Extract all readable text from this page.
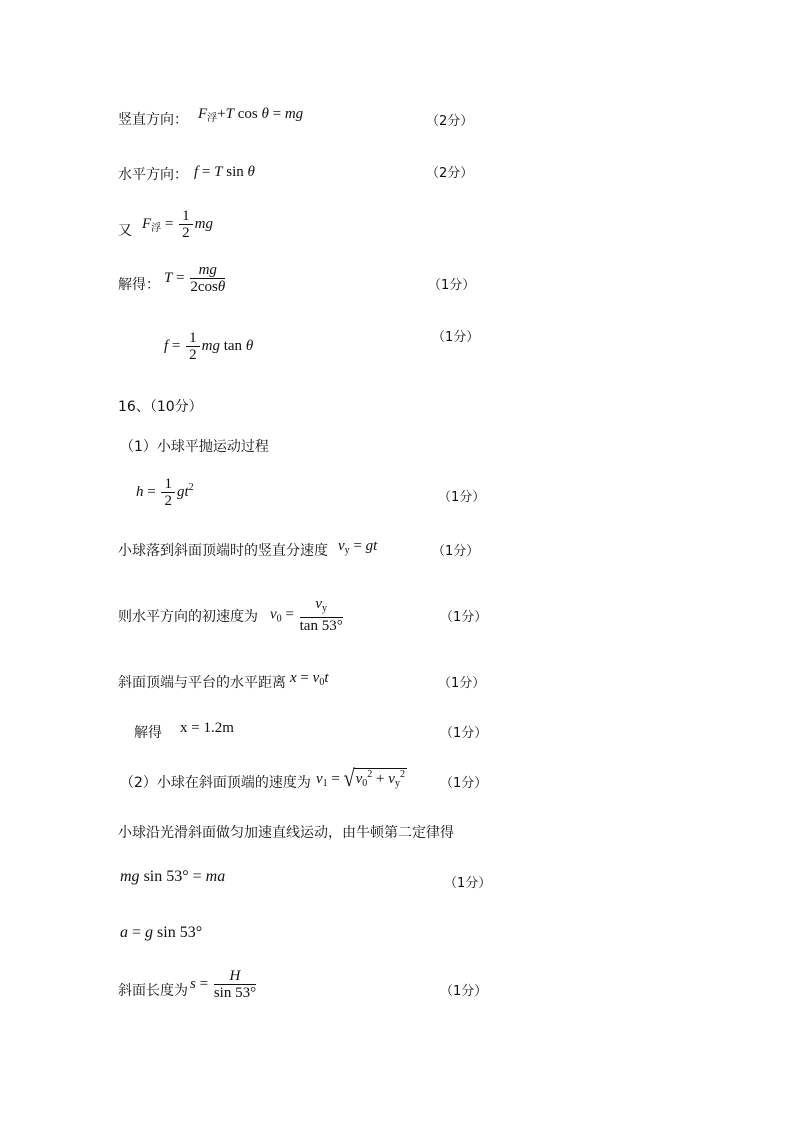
竖直方向： $F_浮+T$ cos θ = mg	（2分）
水平方向： f = T sin θ	（2分）
又 $F_浮 = \frac{1}{2}$ mg
解得： $T = \frac{mg}{2\cos\theta}$	（1分）
$f = \frac{1}{2}$ mg tan θ
（1分）
16、（10分）
（1）小球平抛运动过程
$h = \frac{1}{2} gt^2$
（1分）
小球落到斜面顶端时的竖直分速度 $v_y$ = gt	（1分）
则水平方向的初速度为 $v_0 = \frac{v_y}{\tan 53^\circ}$	（1分）
斜面顶端与平台的水平距离 $x = v_0t$	（1分）
解得 x = 1.2m	（1分）
（2）小球在斜面顶端的速度为 $v_1 = √v_0^2 + v_y^2$
（1分）
小球沿光滑斜面做匀加速直线运动，由牛顿第二定律得
mg sin 53° = ma	（1分）
a = g sin 53°
斜面长度为 $s = \frac{H}{\sin 53^\circ}$	（1分）
